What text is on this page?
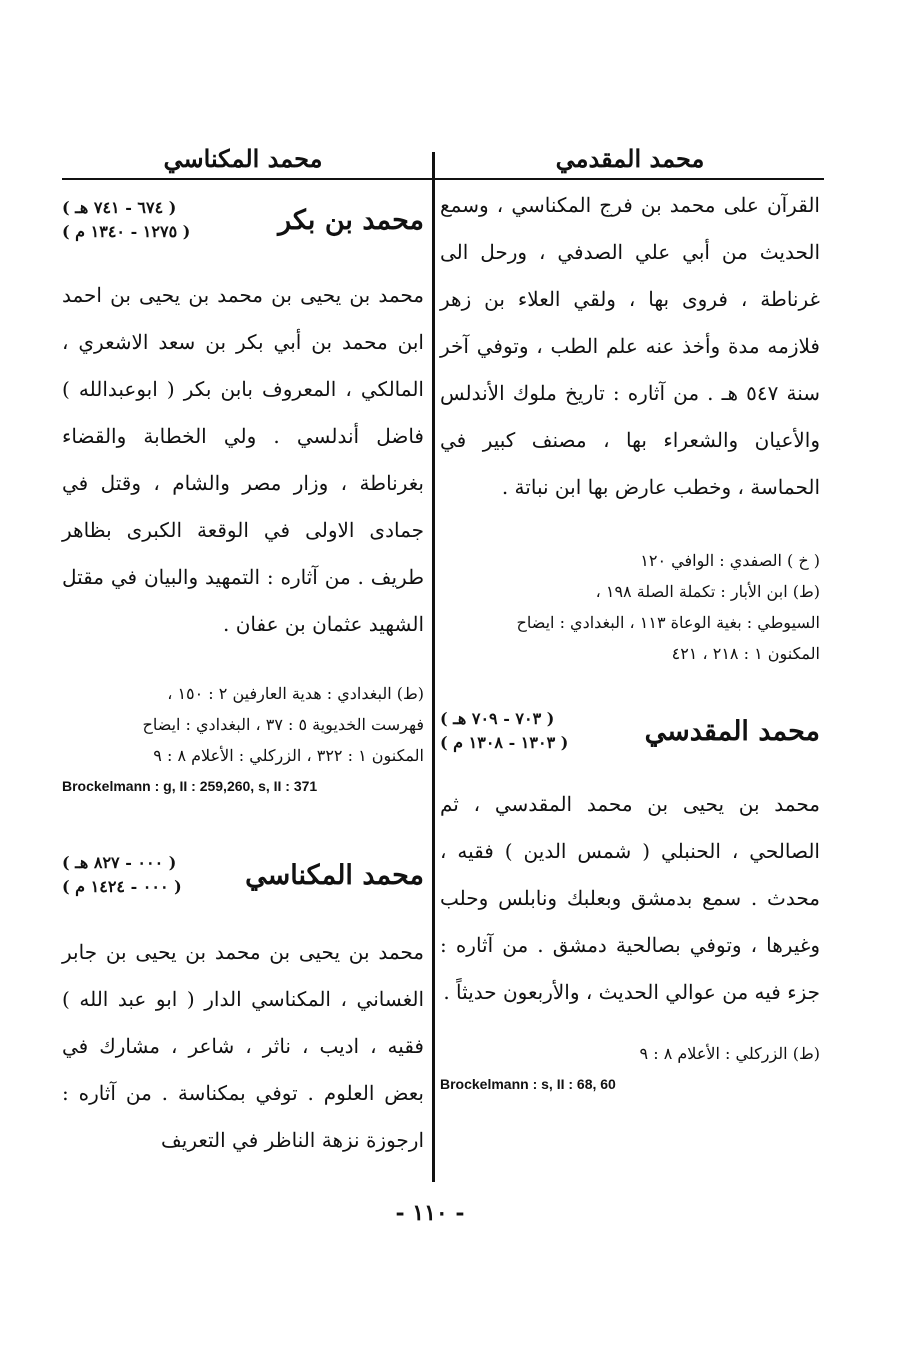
محمد المقدمي

القرآن على محمد بن فرج المكناسي ، وسمع الحديث من أبي علي الصدفي ، ورحل الى غرناطة ، فروى بها ، ولقي العلاء بن زهر فلازمه مدة وأخذ عنه علم الطب ، وتوفي آخر سنة ٥٤٧ هـ . من آثاره : تاريخ ملوك الأندلس والأعيان والشعراء بها ، مصنف كبير في الحماسة ، وخطب عارض بها ابن نباتة .

( خ ) الصفدي : الوافي ١٢٠

(ط) ابن الأبار : تكملة الصلة ١٩٨ ،

السيوطي : بغية الوعاة ١١٣ ، البغدادي : ايضاح

المكنون ١ : ٢١٨ ، ٤٢١

محمد المقدسي
( ٧٠٣ - ٧٠٩ هـ )
( ١٣٠٣ - ١٣٠٨ م )

محمد بن يحيى بن محمد المقدسي ، ثم الصالحي ، الحنبلي ( شمس الدين ) فقيه ، محدث . سمع بدمشق وبعلبك ونابلس وحلب وغيرها ، وتوفي بصالحية دمشق . من آثاره : جزء فيه من عوالي الحديث ، والأربعون حديثاً .

(ط) الزركلي : الأعلام ٨ : ٩

Brockelmann : s, II : 68, 60
محمد المكناسي
محمد بن بكر
( ٦٧٤ - ٧٤١ هـ )
( ١٢٧٥ - ١٣٤٠ م )

محمد بن يحيى بن محمد بن يحيى بن احمد ابن محمد بن أبي بكر بن سعد الاشعري ، المالكي ، المعروف بابن بكر ( ابوعبدالله ) فاضل أندلسي . ولي الخطابة والقضاء بغرناطة ، وزار مصر والشام ، وقتل في جمادى الاولى في الوقعة الكبرى بظاهر طريف . من آثاره : التمهيد والبيان في مقتل الشهيد عثمان بن عفان .

(ط) البغدادي : هدية العارفين ٢ : ١٥٠ ،

فهرست الخديوية ٥ : ٣٧ ، البغدادي : ايضاح

المكنون ١ : ٣٢٢ ، الزركلي : الأعلام ٨ : ٩

Brockelmann : g, II : 259,260, s, II : 371
محمد المكناسي
( ٠٠٠ - ٨٢٧ هـ )
( ٠٠٠ - ١٤٢٤ م )

محمد بن يحيى بن محمد بن يحيى بن جابر الغساني ، المكناسي الدار ( ابو عبد الله ) فقيه ، اديب ، ناثر ، شاعر ، مشارك في بعض العلوم . توفي بمكناسة . من آثاره : ارجوزة نزهة الناظر في التعريف

- ١١٠ -
